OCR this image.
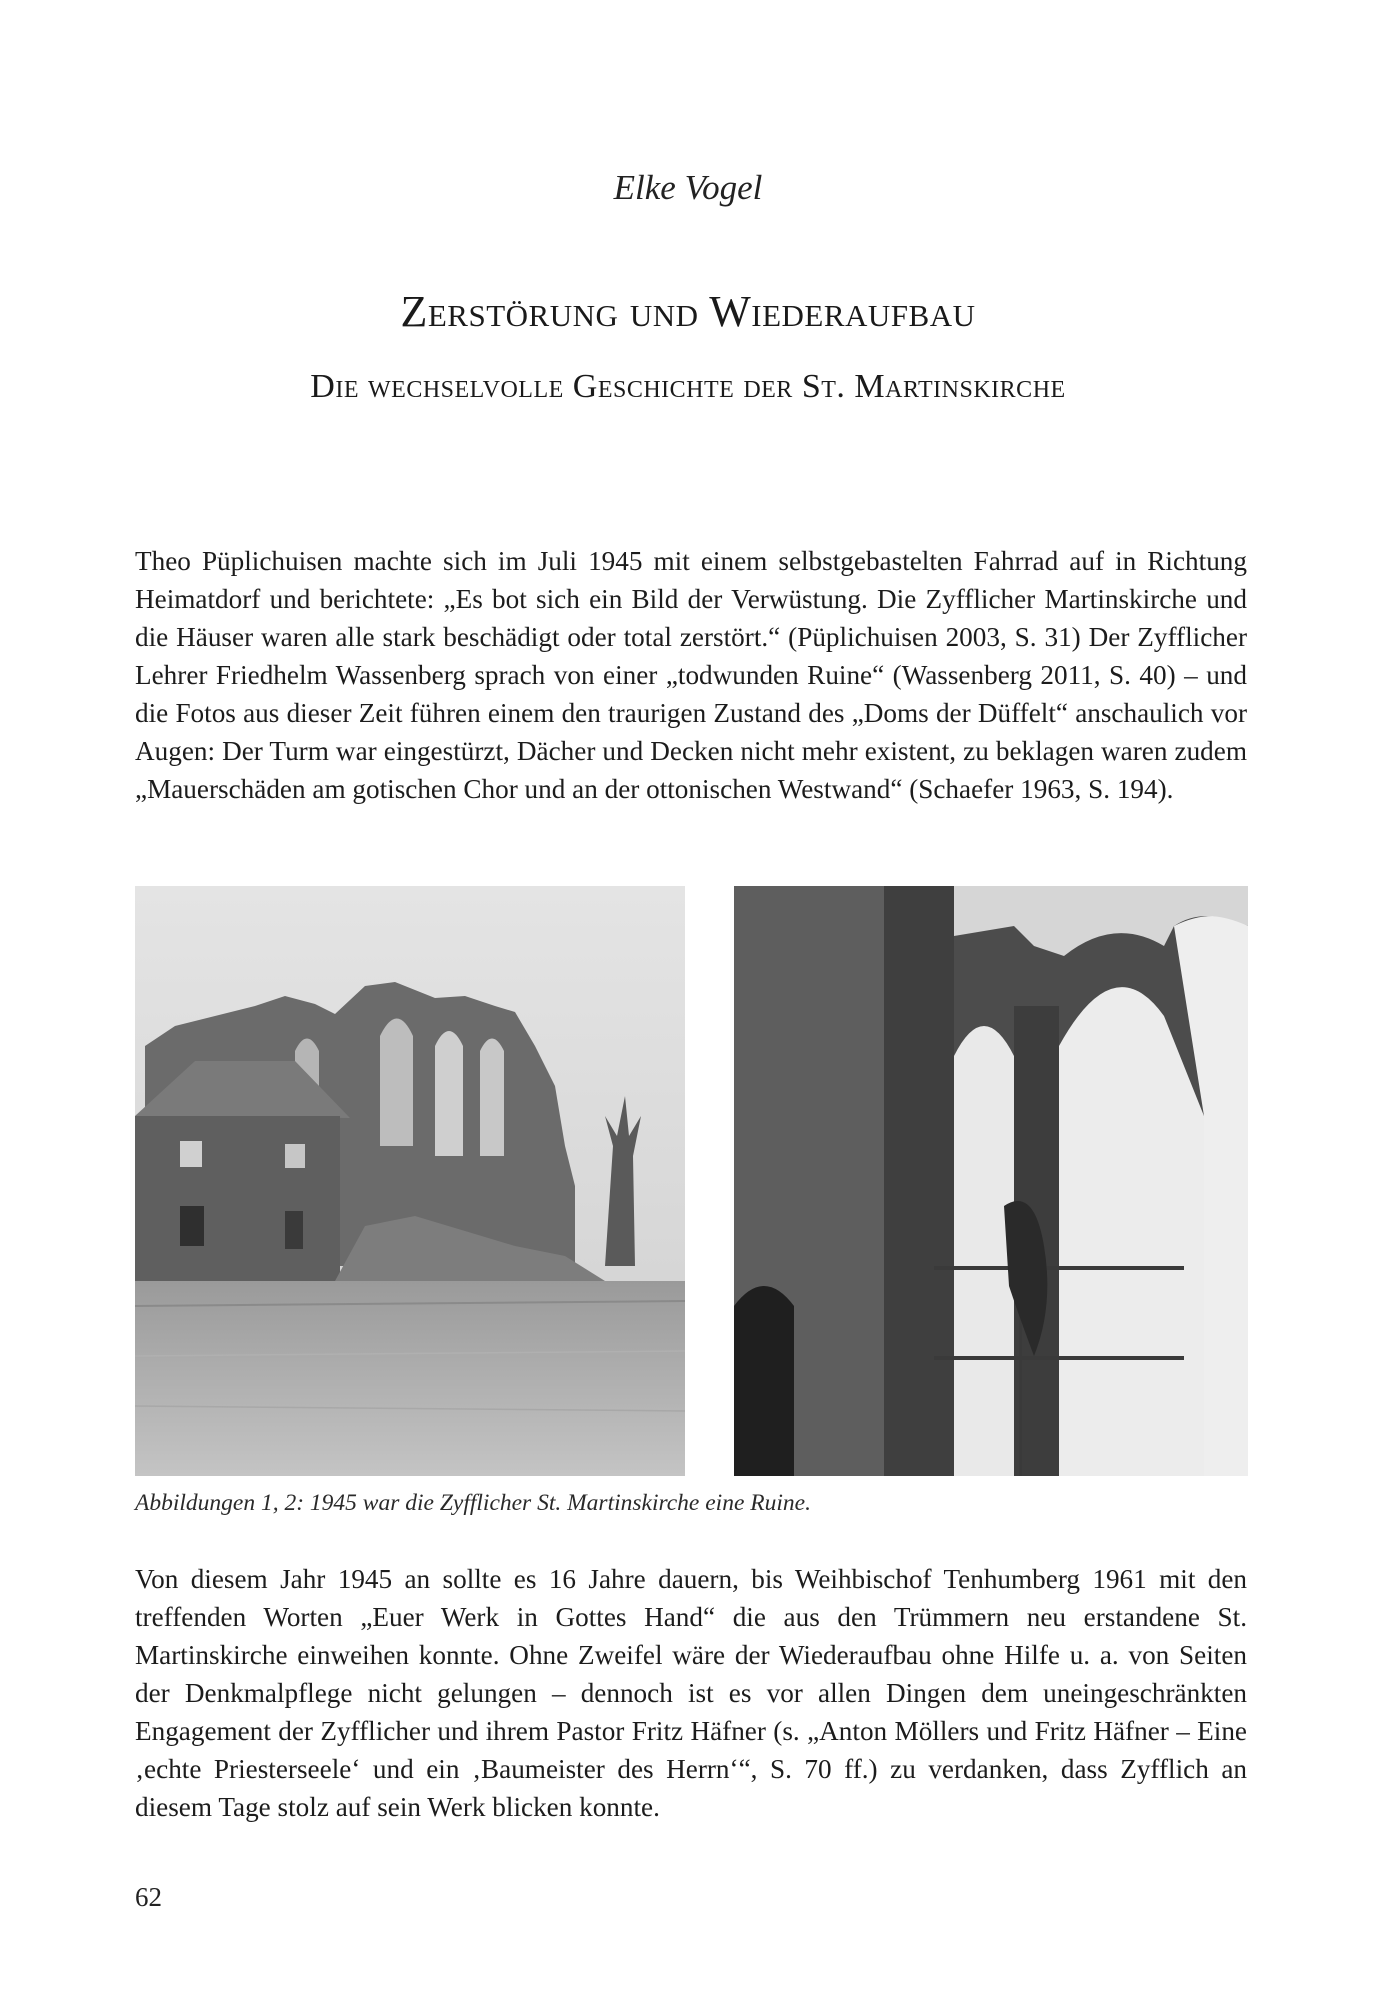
Elke Vogel
Zerstörung und Wiederaufbau
Die wechselvolle Geschichte der St. Martinskirche

Theo Püplichuisen machte sich im Juli 1945 mit einem selbstgebastelten Fahrrad auf in Richtung Heimatdorf und berichtete: „Es bot sich ein Bild der Verwüstung. Die Zyfflicher Martinskirche und die Häuser waren alle stark beschädigt oder total zerstört.“ (Püplichuisen 2003, S. 31) Der Zyfflicher Lehrer Friedhelm Wassenberg sprach von einer „todwunden Ruine“ (Wassenberg 2011, S. 40) – und die Fotos aus dieser Zeit führen einem den traurigen Zustand des „Doms der Düffelt“ anschaulich vor Augen: Der Turm war eingestürzt, Dächer und Decken nicht mehr existent, zu beklagen waren zudem „Mauerschäden am gotischen Chor und an der ottonischen Westwand“ (Schaefer 1963, S. 194).

Abbildungen 1, 2: 1945 war die Zyfflicher St. Martinskirche eine Ruine.

Von diesem Jahr 1945 an sollte es 16 Jahre dauern, bis Weihbischof Tenhumberg 1961 mit den treffenden Worten „Euer Werk in Gottes Hand“ die aus den Trümmern neu erstandene St. Martinskirche einweihen konnte. Ohne Zweifel wäre der Wiederaufbau ohne Hilfe u. a. von Seiten der Denkmalpflege nicht gelungen – dennoch ist es vor allen Dingen dem uneingeschränkten Engagement der Zyfflicher und ihrem Pastor Fritz Häfner (s. „Anton Möllers und Fritz Häfner – Eine ‚echte Priesterseele‘ und ein ‚Baumeister des Herrn‘“, S. 70 ff.) zu verdanken, dass Zyfflich an diesem Tage stolz auf sein Werk blicken konnte.

62
